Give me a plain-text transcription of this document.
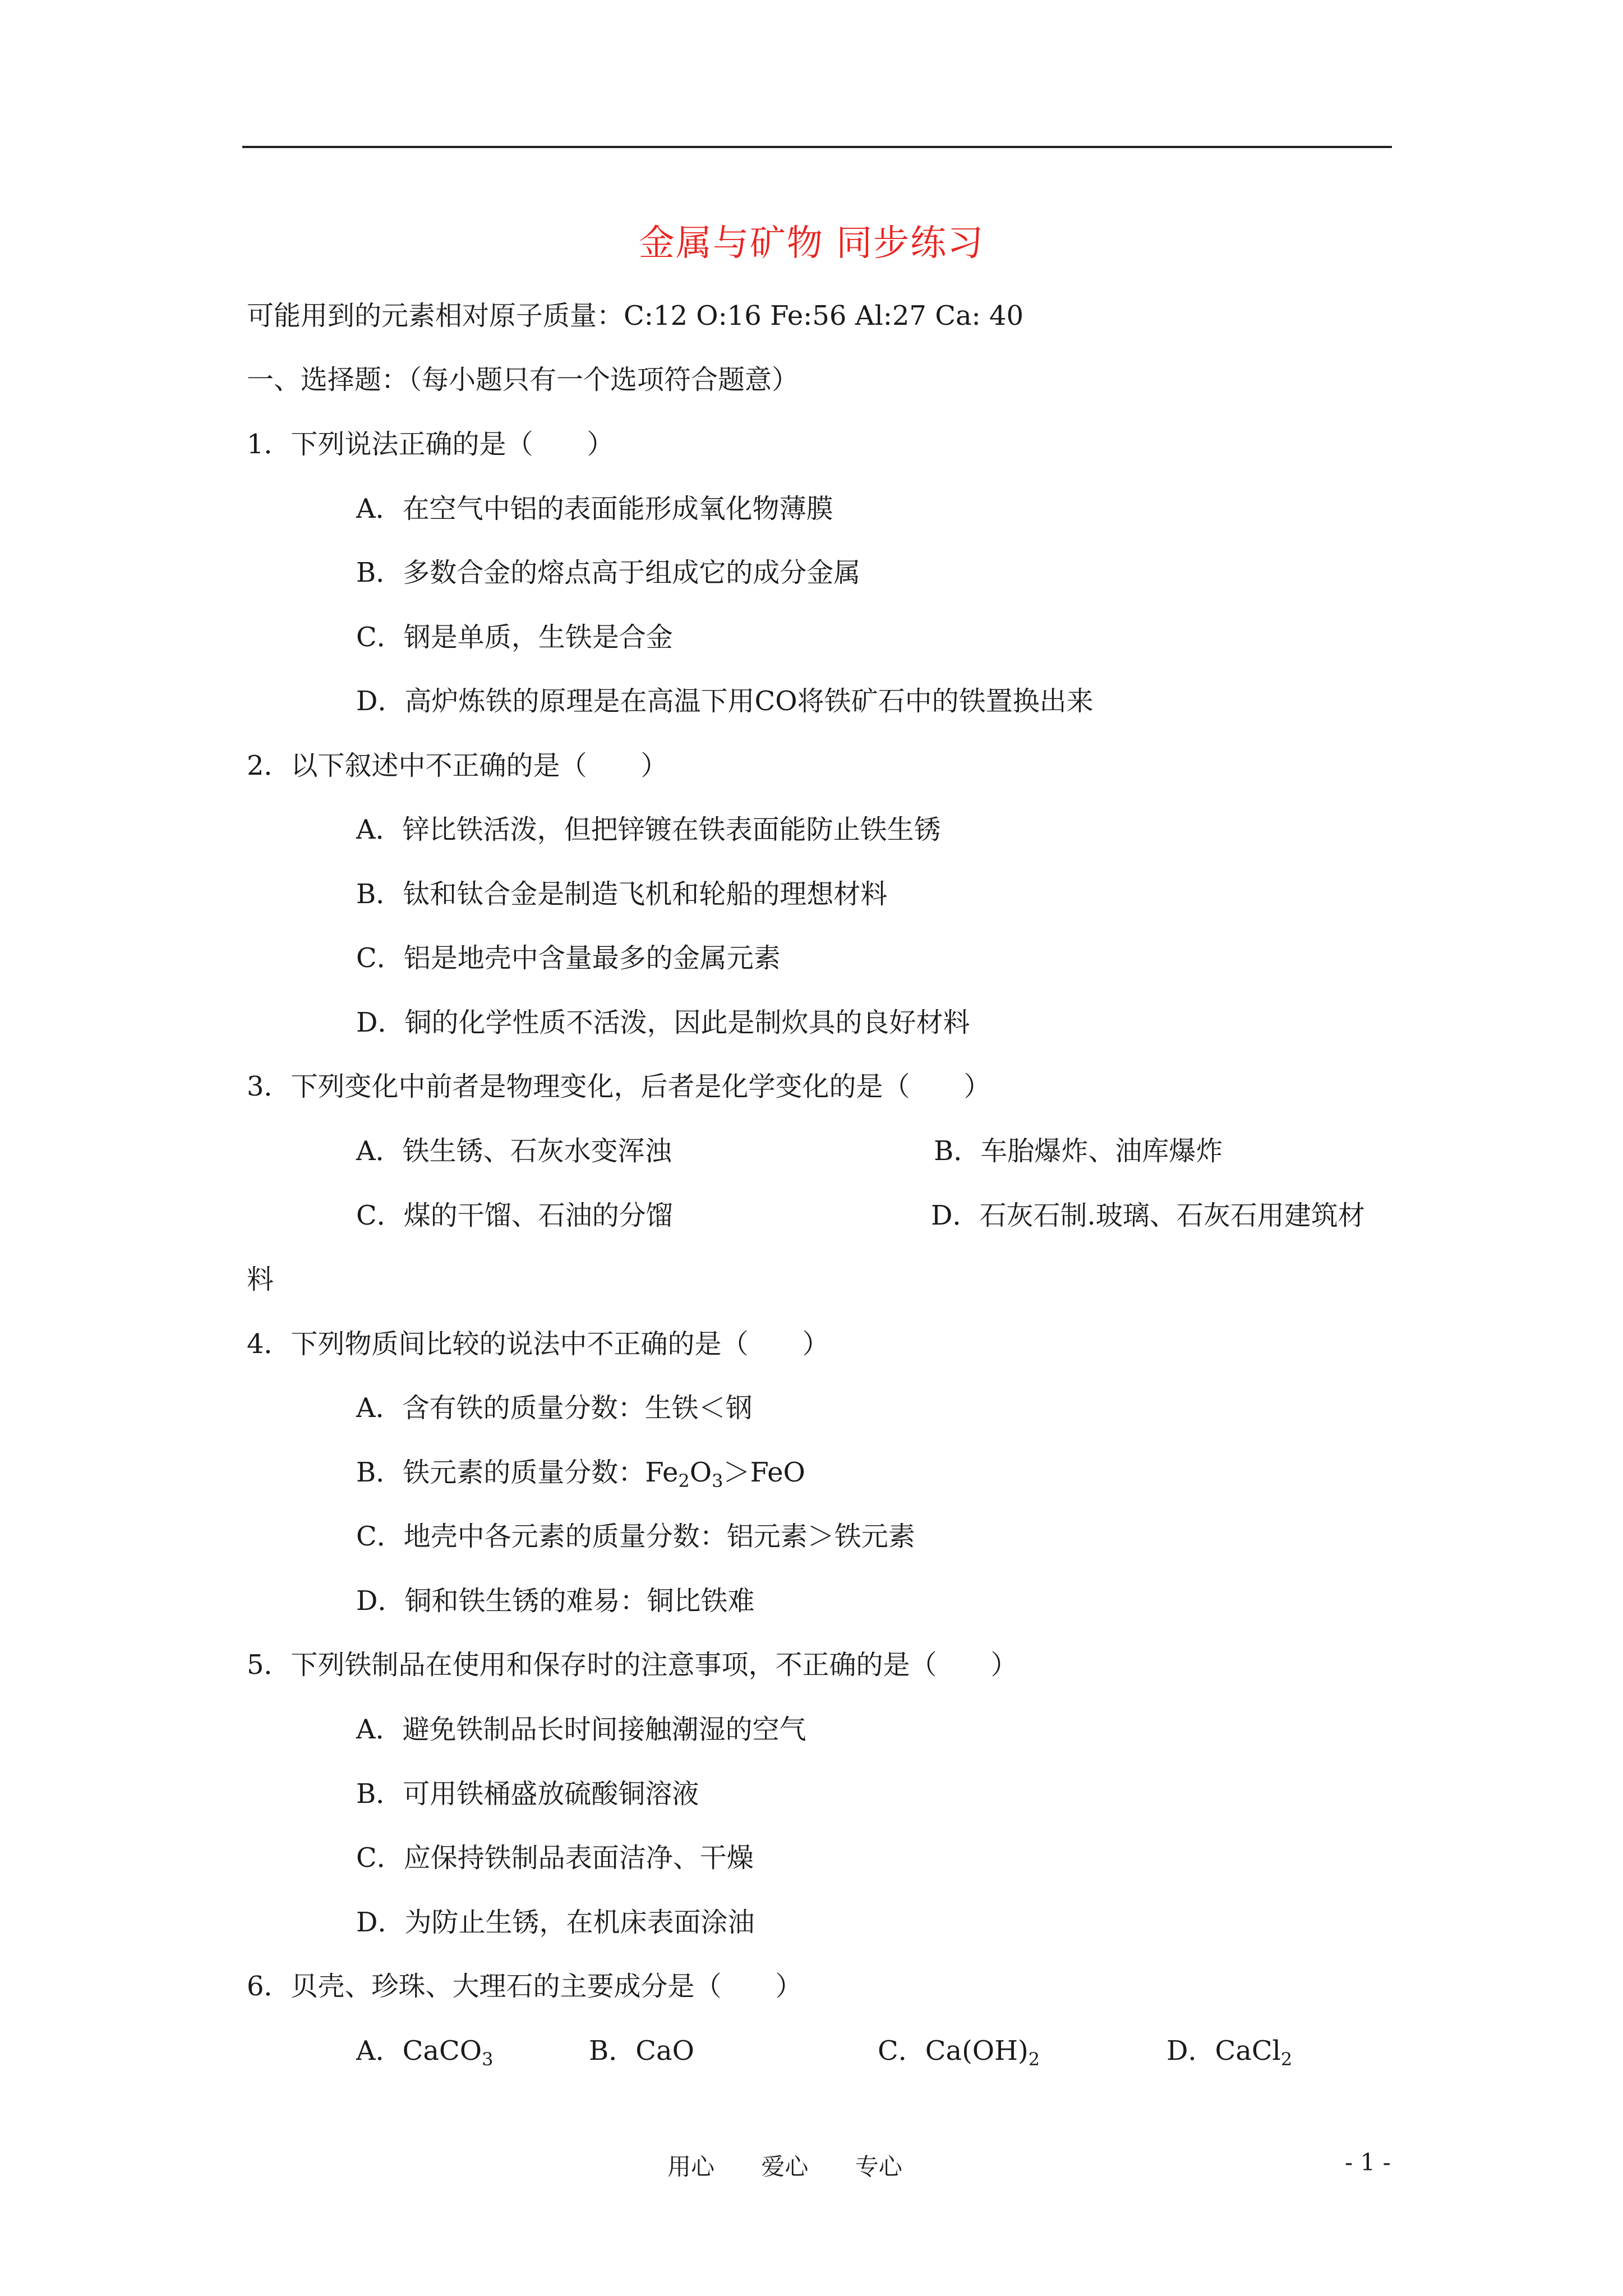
金属与矿物 同步练习
可能用到的元素相对原子质量：C:12 O:16 Fe:56 Al:27 Ca: 40
一、选择题：（每小题只有一个选项符合题意）
1．下列说法正确的是（　　）
A．在空气中铝的表面能形成氧化物薄膜
B．多数合金的熔点高于组成它的成分金属
C．钢是单质，生铁是合金
D．高炉炼铁的原理是在高温下用CO将铁矿石中的铁置换出来
2．以下叙述中不正确的是（　　）
A．锌比铁活泼，但把锌镀在铁表面能防止铁生锈
B．钛和钛合金是制造飞机和轮船的理想材料
C．铝是地壳中含量最多的金属元素
D．铜的化学性质不活泼，因此是制炊具的良好材料
3．下列变化中前者是物理变化，后者是化学变化的是（　　）
A．铁生锈、石灰水变浑浊	B．车胎爆炸、油库爆炸
C．煤的干馏、石油的分馏	D．石灰石制.玻璃、石灰石用建筑材
料
4．下列物质间比较的说法中不正确的是（　　）
A．含有铁的质量分数：生铁＜钢
B．铁元素的质量分数：$Fe_2O_3>FeO$
C．地壳中各元素的质量分数：铝元素＞铁元素
D．铜和铁生锈的难易：铜比铁难
5．下列铁制品在使用和保存时的注意事项，不正确的是（　　）
A．避免铁制品长时间接触潮湿的空气
B．可用铁桶盛放硫酸铜溶液
C．应保持铁制品表面洁净、干燥
D．为防止生锈，在机床表面涂油
6．贝壳、珍珠、大理石的主要成分是（　　）
A．CaCO$_3$	B．CaO	C．$Ca(OH)_2$	D．CaCl$_2$
用心 爱心 专心	- 1 -
